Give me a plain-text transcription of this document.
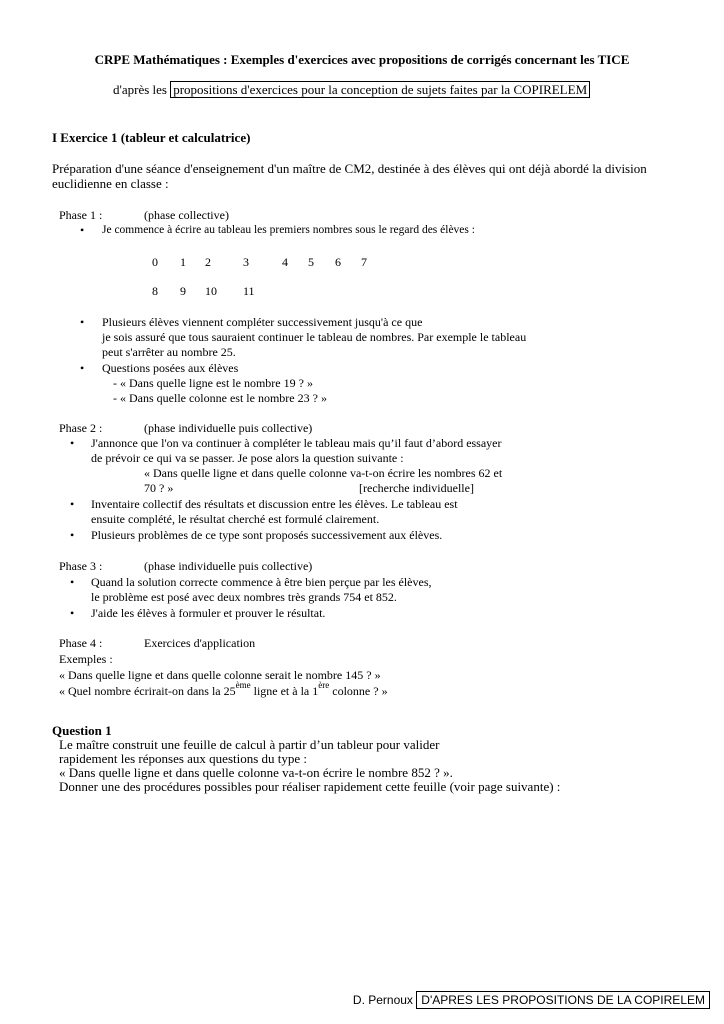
CRPE Mathématiques : Exemples d'exercices avec propositions de corrigés concernant les TICE
d'après les propositions d'exercices pour la conception de sujets faites par la COPIRELEM
I Exercice 1 (tableur et calculatrice)
Préparation d'une séance d'enseignement d'un maître de CM2, destinée à des élèves qui ont déjà abordé la division
euclidienne en classe :
Phase 1 :	(phase collective)
• Je commence à écrire au tableau les premiers nombres sous le regard des élèves :
0 1 2	3	4 5 6 7
8 9 10 11
• Plusieurs élèves viennent compléter successivement jusqu'à ce que
je sois assuré que tous sauraient continuer le tableau de nombres. Par exemple le tableau
peut s'arrêter au nombre 25.
• Questions posées aux élèves
- « Dans quelle ligne est le nombre 19 ? »
- « Dans quelle colonne est le nombre 23 ? »
Phase 2 :	(phase individuelle puis collective)
• J'annonce que l'on va continuer à compléter le tableau mais qu’il faut d’abord essayer
de prévoir ce qui va se passer. Je pose alors la question suivante :
« Dans quelle ligne et dans quelle colonne va-t-on écrire les nombres 62 et
70 ? »	[recherche individuelle]
• Inventaire collectif des résultats et discussion entre les élèves. Le tableau est
ensuite complété, le résultat cherché est formulé clairement.
• Plusieurs problèmes de ce type sont proposés successivement aux élèves.
Phase 3 :	(phase individuelle puis collective)
• Quand la solution correcte commence à être bien perçue par les élèves,
le problème est posé avec deux nombres très grands 754 et 852.
• J'aide les élèves à formuler et prouver le résultat.
Phase 4 :	Exercices d'application
Exemples :
« Dans quelle ligne et dans quelle colonne serait le nombre 145 ? »
« Quel nombre écrirait-on dans la 25ème ligne et à la 1ère colonne ? »
Question 1
Le maître construit une feuille de calcul à partir d’un tableur pour valider
rapidement les réponses aux questions du type :
« Dans quelle ligne et dans quelle colonne va-t-on écrire le nombre 852 ? ».
Donner une des procédures possibles pour réaliser rapidement cette feuille (voir page suivante) :
D. Pernoux D'APRES LES PROPOSITIONS DE LA COPIRELEM
